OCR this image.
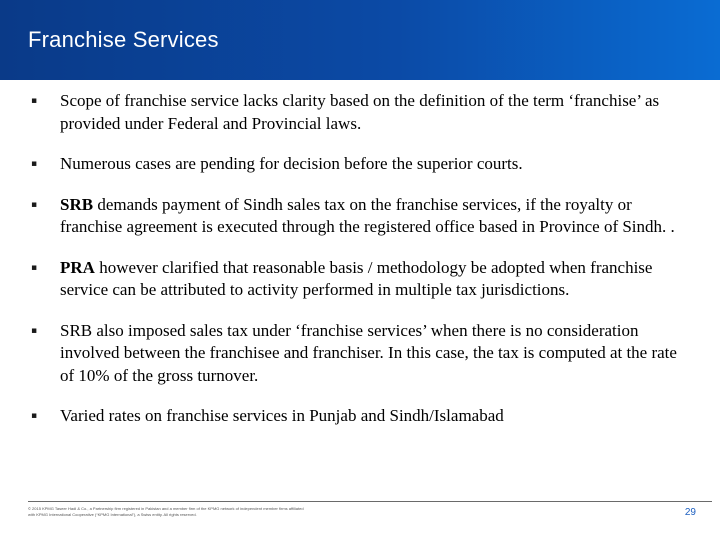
Franchise Services
▪ Scope of franchise service lacks clarity based on the definition of the term ‘franchise’ as provided under Federal and Provincial laws.
▪ Numerous cases are pending for decision before the superior courts.
▪ SRB demands payment of Sindh sales tax on the franchise services, if the royalty or franchise agreement is executed through the registered office based in Province of Sindh. .
▪ PRA however clarified that reasonable basis / methodology be adopted when franchise service can be attributed to activity performed in multiple tax jurisdictions.
▪ SRB also imposed sales tax under ‘franchise services’ when there is no consideration involved between the franchisee and franchiser. In this case, the tax is computed at the rate of 10% of the gross turnover.
▪ Varied rates on franchise services in Punjab and Sindh/Islamabad

© 2015 KPMG Taseer Hadi & Co., a Partnership firm registered in Pakistan and a member firm of the KPMG network of independent member firms affiliated with KPMG International Cooperative (“KPMG International”), a Swiss entity. All rights reserved.	29
